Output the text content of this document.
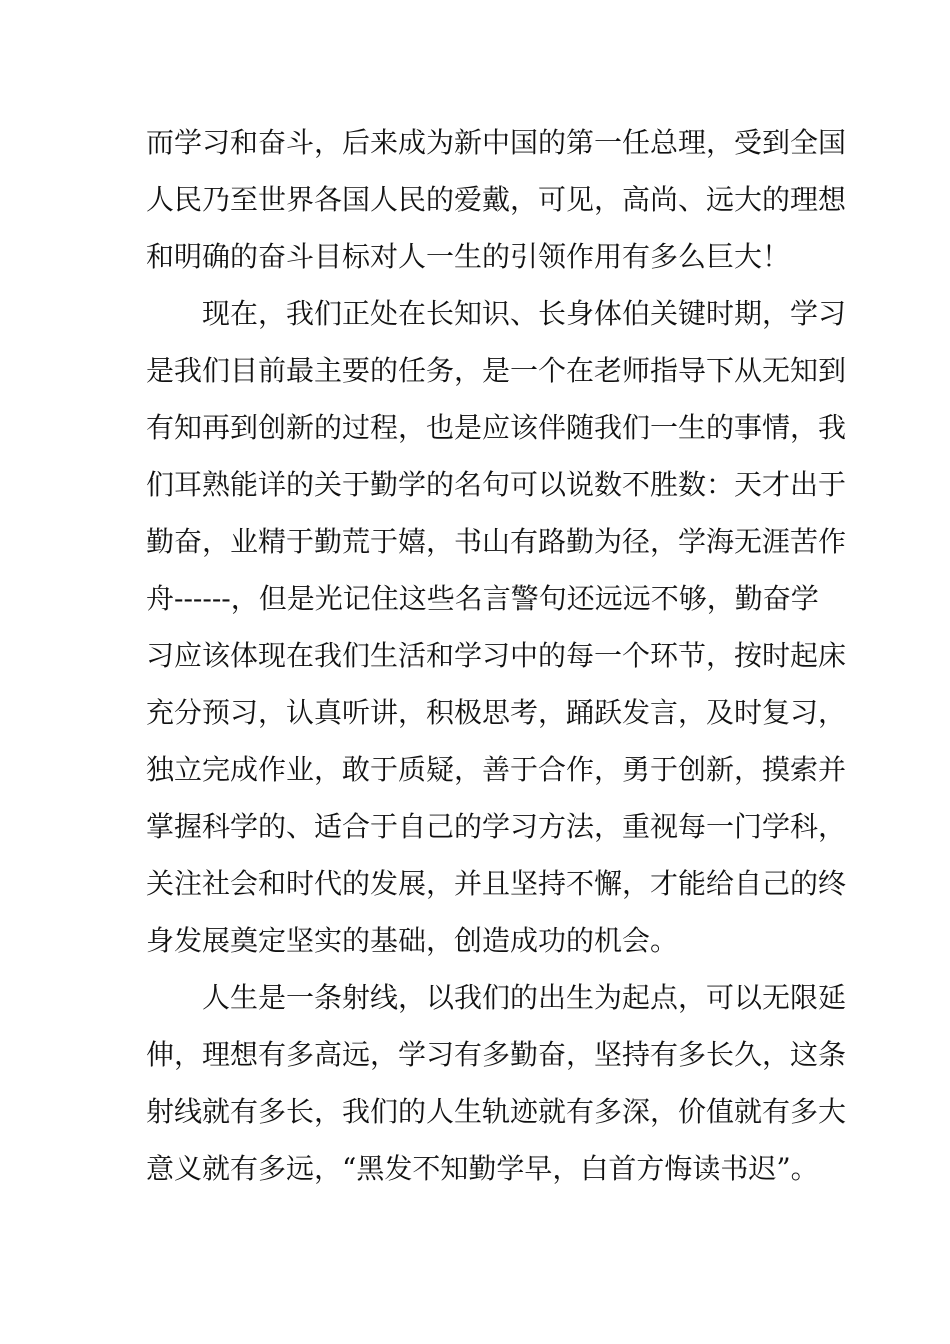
而学习和奋斗，后来成为新中国的第一任总理，受到全国
人民乃至世界各国人民的爱戴，可见，高尚、远大的理想
和明确的奋斗目标对人一生的引领作用有多么巨大！
现在，我们正处在长知识、长身体伯关键时期，学习
是我们目前最主要的任务，是一个在老师指导下从无知到
有知再到创新的过程，也是应该伴随我们一生的事情，我
们耳熟能详的关于勤学的名句可以说数不胜数：天才出于
勤奋，业精于勤荒于嬉，书山有路勤为径，学海无涯苦作
舟------，但是光记住这些名言警句还远远不够，勤奋学
习应该体现在我们生活和学习中的每一个环节，按时起床
充分预习，认真听讲，积极思考，踊跃发言，及时复习，
独立完成作业，敢于质疑，善于合作，勇于创新，摸索并
掌握科学的、适合于自己的学习方法，重视每一门学科，
关注社会和时代的发展，并且坚持不懈，才能给自己的终
身发展奠定坚实的基础，创造成功的机会。
人生是一条射线，以我们的出生为起点，可以无限延
伸，理想有多高远，学习有多勤奋，坚持有多长久，这条
射线就有多长，我们的人生轨迹就有多深，价值就有多大
意义就有多远，“黑发不知勤学早，白首方悔读书迟”。
